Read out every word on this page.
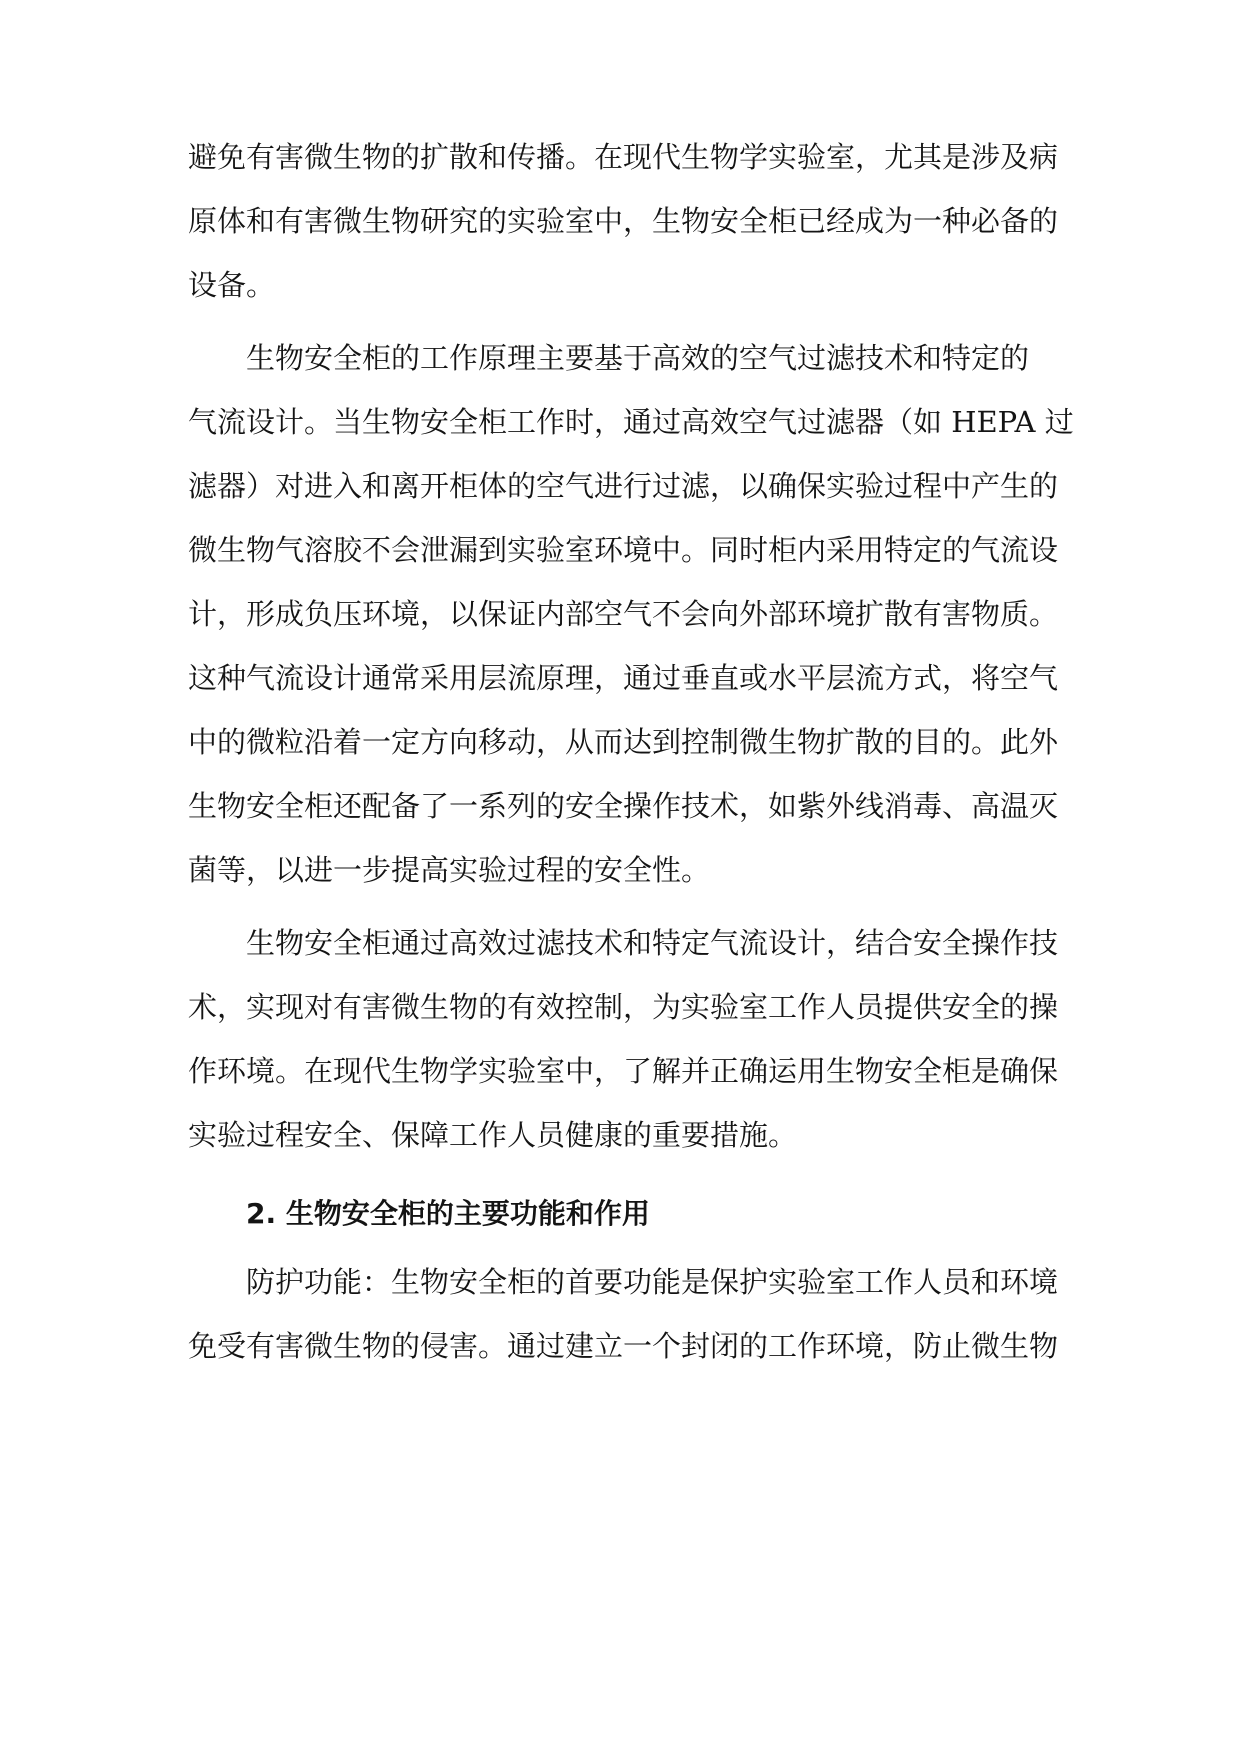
避免有害微生物的扩散和传播。在现代生物学实验室，尤其是涉及病
原体和有害微生物研究的实验室中，生物安全柜已经成为一种必备的
设备。
生物安全柜的工作原理主要基于高效的空气过滤技术和特定的
气流设计。当生物安全柜工作时，通过高效空气过滤器（如 HEPA 过
滤器）对进入和离开柜体的空气进行过滤，以确保实验过程中产生的
微生物气溶胶不会泄漏到实验室环境中。同时柜内采用特定的气流设
计，形成负压环境，以保证内部空气不会向外部环境扩散有害物质。
这种气流设计通常采用层流原理，通过垂直或水平层流方式，将空气
中的微粒沿着一定方向移动，从而达到控制微生物扩散的目的。此外
生物安全柜还配备了一系列的安全操作技术，如紫外线消毒、高温灭
菌等，以进一步提高实验过程的安全性。
生物安全柜通过高效过滤技术和特定气流设计，结合安全操作技
术，实现对有害微生物的有效控制，为实验室工作人员提供安全的操
作环境。在现代生物学实验室中，了解并正确运用生物安全柜是确保
实验过程安全、保障工作人员健康的重要措施。
2. 生物安全柜的主要功能和作用
防护功能：生物安全柜的首要功能是保护实验室工作人员和环境
免受有害微生物的侵害。通过建立一个封闭的工作环境，防止微生物
